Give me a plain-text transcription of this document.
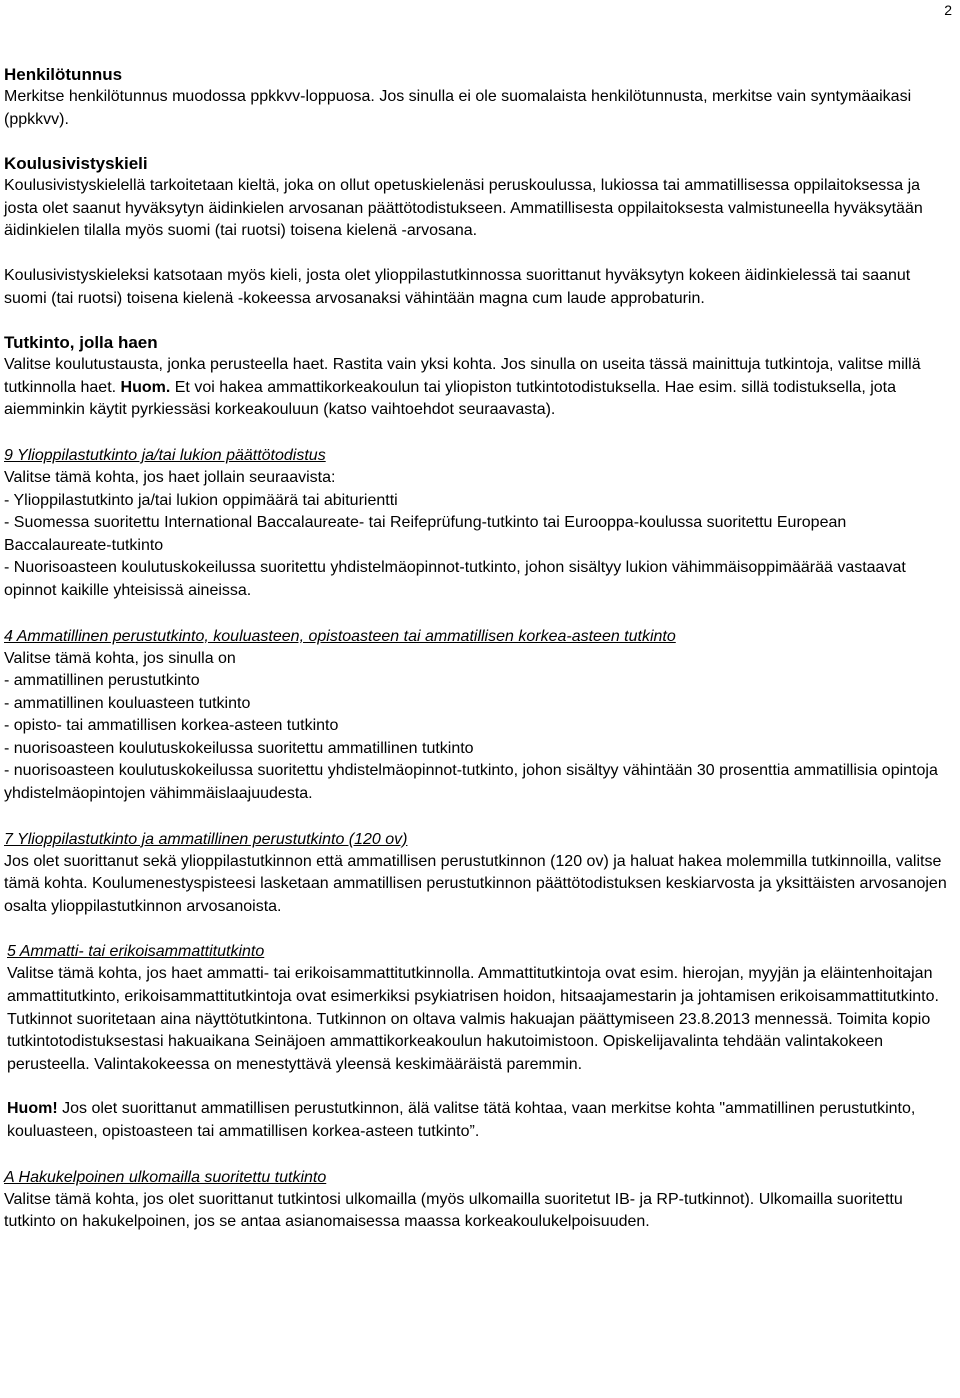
2
Henkilötunnus

Merkitse henkilötunnus muodossa ppkkvv-loppuosa. Jos sinulla ei ole suomalaista henkilötunnusta, merkitse vain syntymäaikasi (ppkkvv).

Koulusivistyskieli

Koulusivistyskielellä tarkoitetaan kieltä, joka on ollut opetuskielenäsi peruskoulussa, lukiossa tai ammatillisessa oppilaitoksessa ja josta olet saanut hyväksytyn äidinkielen arvosanan päättötodistukseen. Ammatillisesta oppilaitoksesta valmistuneella hyväksytään äidinkielen tilalla myös suomi (tai ruotsi) toisena kielenä -arvosana.

Koulusivistyskieleksi katsotaan myös kieli, josta olet ylioppilastutkinnossa suorittanut hyväksytyn kokeen äidinkielessä tai saanut suomi (tai ruotsi) toisena kielenä -kokeessa arvosanaksi vähintään magna cum laude approbaturin.

Tutkinto, jolla haen

Valitse koulutustausta, jonka perusteella haet. Rastita vain yksi kohta. Jos sinulla on useita tässä mainittuja tutkintoja, valitse millä tutkinnolla haet. Huom. Et voi hakea ammattikorkeakoulun tai yliopiston tutkintotodistuksella. Hae esim. sillä todistuksella, jota aiemminkin käytit pyrkiessäsi korkeakouluun (katso vaihtoehdot seuraavasta).

9 Ylioppilastutkinto ja/tai lukion päättötodistus

Valitse tämä kohta, jos haet jollain seuraavista:

- Ylioppilastutkinto ja/tai lukion oppimäärä tai abiturientti

- Suomessa suoritettu International Baccalaureate- tai Reifeprüfung-tutkinto tai Eurooppa-koulussa suoritettu European Baccalaureate-tutkinto

- Nuorisoasteen koulutuskokeilussa suoritettu yhdistelmäopinnot-tutkinto, johon sisältyy lukion vähimmäisoppimäärää vastaavat opinnot kaikille yhteisissä aineissa.

4 Ammatillinen perustutkinto, kouluasteen, opistoasteen tai ammatillisen korkea-asteen tutkinto

Valitse tämä kohta, jos sinulla on

- ammatillinen perustutkinto

- ammatillinen kouluasteen tutkinto

- opisto- tai ammatillisen korkea-asteen tutkinto

- nuorisoasteen koulutuskokeilussa suoritettu ammatillinen tutkinto

- nuorisoasteen koulutuskokeilussa suoritettu yhdistelmäopinnot-tutkinto, johon sisältyy vähintään 30 prosenttia ammatillisia opintoja yhdistelmäopintojen vähimmäislaajuudesta.

7 Ylioppilastutkinto ja ammatillinen perustutkinto (120 ov)

Jos olet suorittanut sekä ylioppilastutkinnon että ammatillisen perustutkinnon (120 ov) ja haluat hakea molemmilla tutkinnoilla, valitse tämä kohta. Koulumenestyspisteesi lasketaan ammatillisen perustutkinnon päättötodistuksen keskiarvosta ja yksittäisten arvosanojen osalta ylioppilastutkinnon arvosanoista.

5 Ammatti- tai erikoisammattitutkinto

Valitse tämä kohta, jos haet ammatti- tai erikoisammattitutkinnolla. Ammattitutkintoja ovat esim. hierojan, myyjän ja eläintenhoitajan ammattitutkinto, erikoisammattitutkintoja ovat esimerkiksi psykiatrisen hoidon, hitsaajamestarin ja johtamisen erikoisammattitutkinto. Tutkinnot suoritetaan aina näyttötutkintona. Tutkinnon on oltava valmis hakuajan päättymiseen 23.8.2013 mennessä. Toimita kopio tutkintotodistuksestasi hakuaikana Seinäjoen ammattikorkeakoulun hakutoimistoon. Opiskelijavalinta tehdään valintakokeen perusteella. Valintakokeessa on menestyttävä yleensä keskimääräistä paremmin.

Huom! Jos olet suorittanut ammatillisen perustutkinnon, älä valitse tätä kohtaa, vaan merkitse kohta "ammatillinen perustutkinto, kouluasteen, opistoasteen tai ammatillisen korkea-asteen tutkinto”.

A Hakukelpoinen ulkomailla suoritettu tutkinto

Valitse tämä kohta, jos olet suorittanut tutkintosi ulkomailla (myös ulkomailla suoritetut IB- ja RP-tutkinnot). Ulkomailla suoritettu tutkinto on hakukelpoinen, jos se antaa asianomaisessa maassa korkeakoulukelpoisuuden.
